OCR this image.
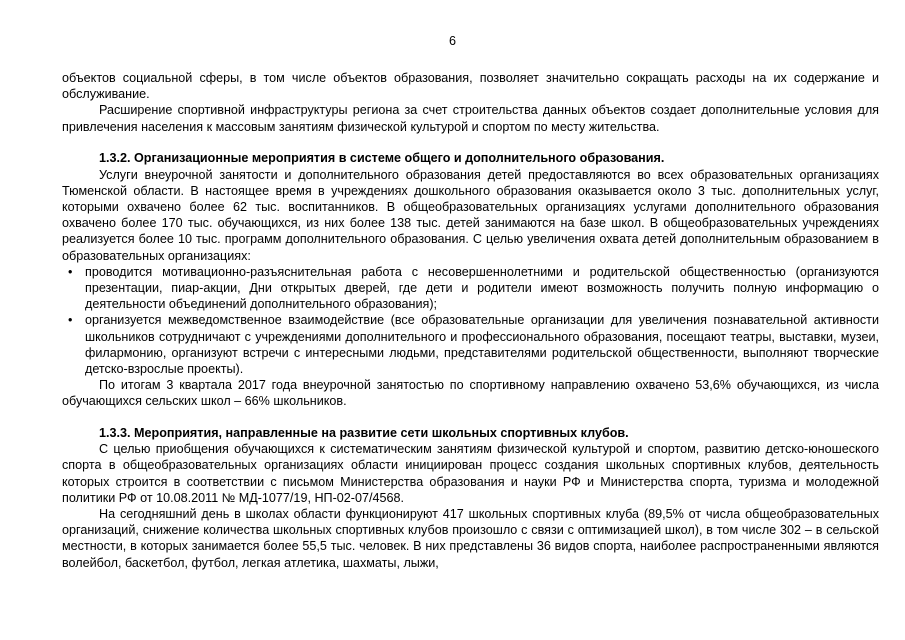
6

объектов социальной сферы, в том числе объектов образования, позволяет значительно сокращать расходы на их содержание и обслуживание.

Расширение спортивной инфраструктуры региона за счет строительства данных объектов создает дополнительные условия для привлечения населения к массовым занятиям физической культурой и спортом по месту жительства.

1.3.2. Организационные мероприятия в системе общего и дополнительного образования.

Услуги внеурочной занятости и дополнительного образования детей предоставляются во всех образовательных организациях Тюменской области. В настоящее время в учреждениях дошкольного образования оказывается около 3 тыс. дополнительных услуг, которыми охвачено более 62 тыс. воспитанников. В общеобразовательных организациях услугами дополнительного образования охвачено более 170 тыс. обучающихся, из них более 138 тыс. детей занимаются на базе школ. В общеобразовательных учреждениях реализуется более 10 тыс. программ дополнительного образования. С целью увеличения охвата детей дополнительным образованием в образовательных организациях:

• проводится мотивационно-разъяснительная работа с несовершеннолетними и родительской общественностью (организуются презентации, пиар-акции, Дни открытых дверей, где дети и родители имеют возможность получить полную информацию о деятельности объединений дополнительного образования);
• организуется межведомственное взаимодействие (все образовательные организации для увеличения познавательной активности школьников сотрудничают с учреждениями дополнительного и профессионального образования, посещают театры, выставки, музеи, филармонию, организуют встречи с интересными людьми, представителями родительской общественности, выполняют творческие детско-взрослые проекты).

По итогам 3 квартала 2017 года внеурочной занятостью по спортивному направлению охвачено 53,6% обучающихся, из числа обучающихся сельских школ – 66% школьников.

1.3.3. Мероприятия, направленные на развитие сети школьных спортивных клубов.

С целью приобщения обучающихся к систематическим занятиям физической культурой и спортом, развитию детско-юношеского спорта в общеобразовательных организациях области инициирован процесс создания школьных спортивных клубов, деятельность которых строится в соответствии с письмом Министерства образования и науки РФ и Министерства спорта, туризма и молодежной политики РФ от 10.08.2011 № МД-1077/19, НП-02-07/4568.

На сегодняшний день в школах области функционируют 417 школьных спортивных клуба (89,5% от числа общеобразовательных организаций, снижение количества школьных спортивных клубов произошло с связи с оптимизацией школ), в том числе 302 – в сельской местности, в которых занимается более 55,5 тыс. человек. В них представлены 36 видов спорта, наиболее распространенными являются волейбол, баскетбол, футбол, легкая атлетика, шахматы, лыжи,
